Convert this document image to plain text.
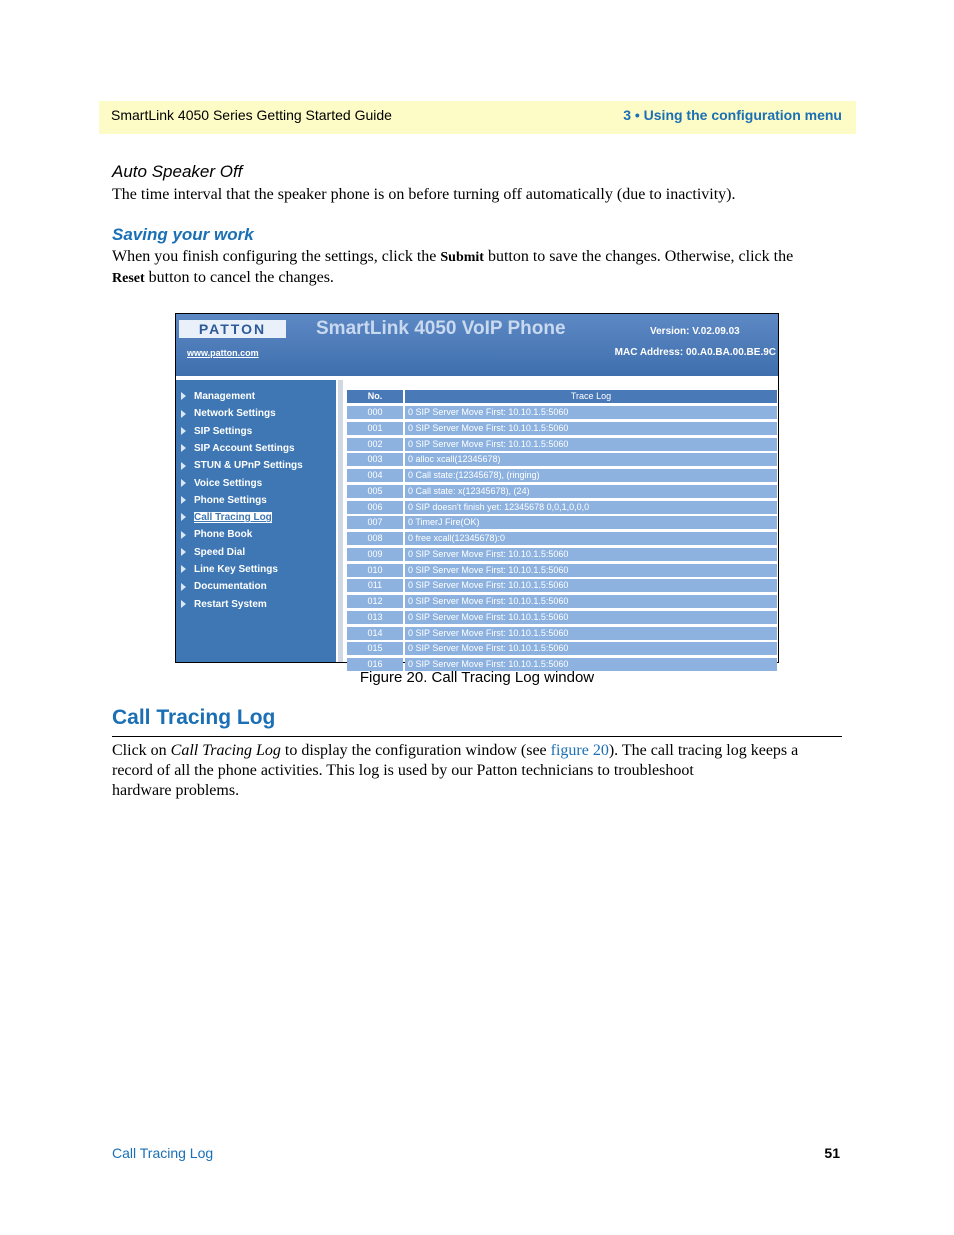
SmartLink 4050 Series Getting Started Guide	3 • Using the configuration menu
Auto Speaker Off
The time interval that the speaker phone is on before turning off automatically (due to inactivity).
Saving your work
When you finish configuring the settings, click the Submit button to save the changes. Otherwise, click the
Reset button to cancel the changes.
PATTON	SmartLink 4050 VoIP Phone	Version: V.02.09.03
www.patton.com	MAC Address: 00.A0.BA.00.BE.9C
Management
Network Settings
SIP Settings
SIP Account Settings
STUN & UPnP Settings
Voice Settings
Phone Settings
Call Tracing Log
Phone Book
Speed Dial
Line Key Settings
Documentation
Restart System
No.	Trace Log
000	0 SIP Server Move First: 10.10.1.5:5060
001	0 SIP Server Move First: 10.10.1.5:5060
002	0 SIP Server Move First: 10.10.1.5:5060
003	0 alloc xcall(12345678)
004	0 Call state:(12345678), (ringing)
005	0 Call state: x(12345678), (24)
006	0 SIP doesn't finish yet: 12345678 0,0,1,0,0,0
007	0 TimerJ Fire(OK)
008	0 free xcall(12345678):0
009	0 SIP Server Move First: 10.10.1.5:5060
010	0 SIP Server Move First: 10.10.1.5:5060
011	0 SIP Server Move First: 10.10.1.5:5060
012	0 SIP Server Move First: 10.10.1.5:5060
013	0 SIP Server Move First: 10.10.1.5:5060
014	0 SIP Server Move First: 10.10.1.5:5060
015	0 SIP Server Move First: 10.10.1.5:5060
016	0 SIP Server Move First: 10.10.1.5:5060
Figure 20. Call Tracing Log window
Call Tracing Log
Click on Call Tracing Log to display the configuration window (see figure 20). The call tracing log keeps a
record of all the phone activities. This log is used by our Patton technicians to troubleshoot
hardware problems.
Call Tracing Log	51
